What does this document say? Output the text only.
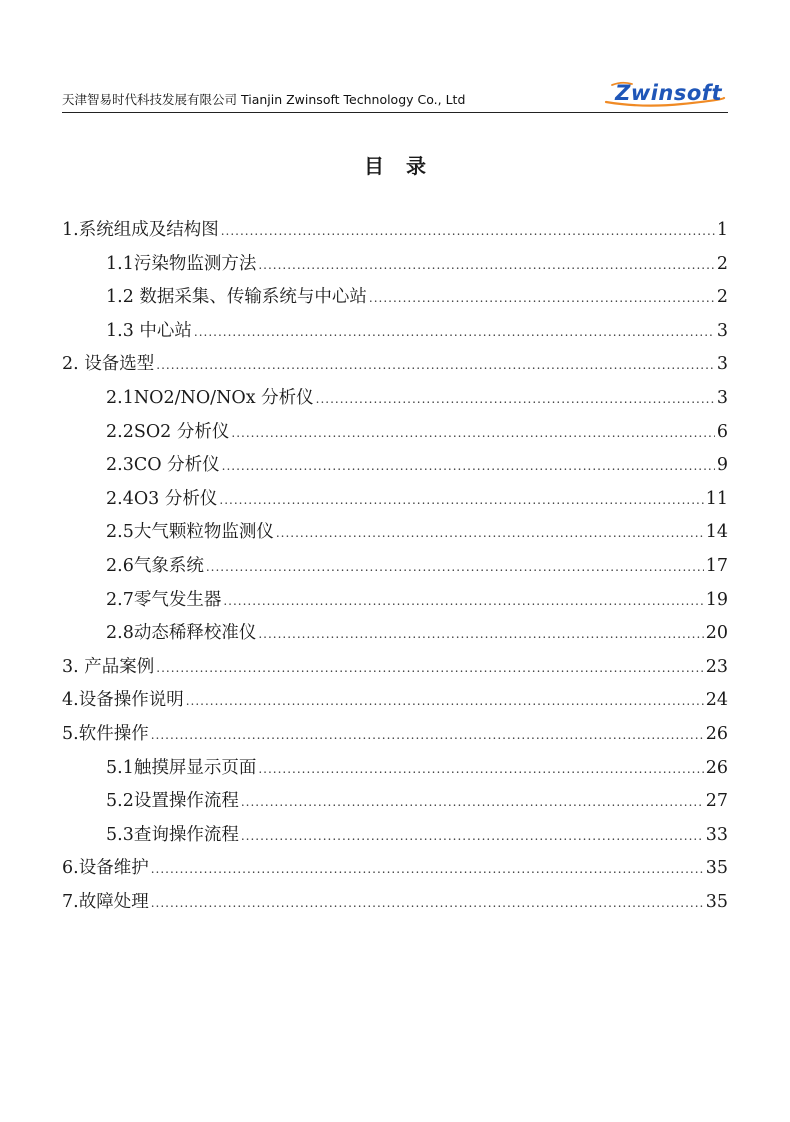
天津智易时代科技发展有限公司 Tianjin Zwinsoft Technology Co., Ltd	Zwinsoft
目录
1.系统组成及结构图 .....	1
1.1污染物监测方法 .....	2
1.2 数据采集、传输系统与中心站 .....	2
1.3 中心站 .....	3
2. 设备选型 .....	3
2.1NO2/NO/NOx 分析仪 .....	3
2.2SO2 分析仪 .....	6
2.3CO 分析仪 .....	9
2.4O3 分析仪 .....	11
2.5大气颗粒物监测仪 .....	14
2.6气象系统 .....	17
2.7零气发生器 .....	19
2.8动态稀释校准仪 .....	20
3. 产品案例 .....	23
4.设备操作说明 .....	24
5.软件操作 .....	26
5.1触摸屏显示页面 .....	26
5.2设置操作流程 .....	27
5.3查询操作流程 .....	33
6.设备维护 .....	35
7.故障处理 .....	35
